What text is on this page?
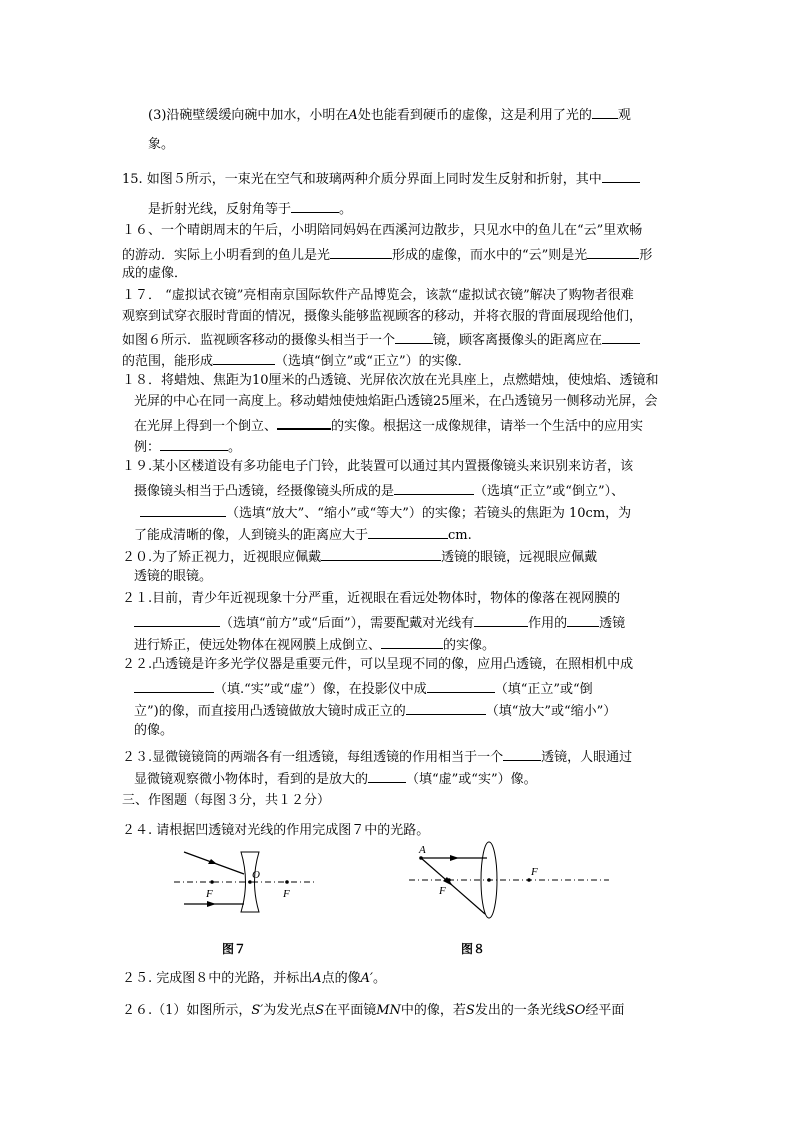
(3)沿碗壁缓缓向碗中加水，小明在A处也能看到硬币的虚像，这是利用了光的 观
象。
15. 如图５所示，一束光在空气和玻璃两种介质分界面上同时发生反射和折射，其中
是折射光线，反射角等于	。
１６、一个晴朗周末的午后，小明陪同妈妈在西溪河边散步，只见水中的鱼儿在“云”里欢畅
的游动．实际上小明看到的鱼儿是光	形成的虚像，而水中的“云”则是光	形
成的虚像．
１７． “虚拟试衣镜”亮相南京国际软件产品博览会，该款“虚拟试衣镜”解决了购物者很难
观察到试穿衣服时背面的情况，摄像头能够监视顾客的移动，并将衣服的背面展现给他们，
如图６所示．监视顾客移动的摄像头相当于一个	镜，顾客离摄像头的距离应在
的范围，能形成	（选填“倒立”或“正立”）的实像．
１８．将蜡烛、焦距为10厘米的凸透镜、光屏依次放在光具座上，点燃蜡烛，使烛焰、透镜和
光屏的中心在同一高度上。移动蜡烛使烛焰距凸透镜25厘米，在凸透镜另一侧移动光屏，会
在光屏上得到一个倒立、	的实像。根据这一成像规律，请举一个生活中的应用实
例：	。
１９.某小区楼道设有多功能电子门铃，此装置可以通过其内置摄像镜头来识别来访者，该
摄像镜头相当于凸透镜，经摄像镜头所成的是	（选填“正立”或“倒立”）、
（选填“放大”、“缩小”或“等大”）的实像；若镜头的焦距为 10cm，为
了能成清晰的像，人到镜头的距离应大于	cm.
２０.为了矫正视力，近视眼应佩戴	透镜的眼镜，远视眼应佩戴
透镜的眼镜。
２１.目前，青少年近视现象十分严重，近视眼在看远处物体时，物体的像落在视网膜的
（选填“前方”或“后面”），需要配戴对光线有	作用的 透镜
进行矫正，使远处物体在视网膜上成倒立、	的实像。
２２.凸透镜是许多光学仪器是重要元件，可以呈现不同的像，应用凸透镜，在照相机中成
（填.“实”或“虚”）像，在投影仪中成	（填“正立”或“倒
立”)的像，而直接用凸透镜做放大镜时成正立的	（填“放大”或“缩小”）
的像。
２３.显微镜镜筒的两端各有一组透镜，每组透镜的作用相当于一个	透镜，人眼通过
显微镜观察微小物体时，看到的是放大的	（填“虚”或“实”）像。
三、作图题（每图３分，共１２分）
２４. 请根据凹透镜对光线的作用完成图７中的光路。
F
O
F
图７
A
F
F
图８
２５. 完成图８中的光路，并标出A点的像A′。
２６.（1）如图所示，S′为发光点S在平面镜MN中的像，若S发出的一条光线SO经平面
